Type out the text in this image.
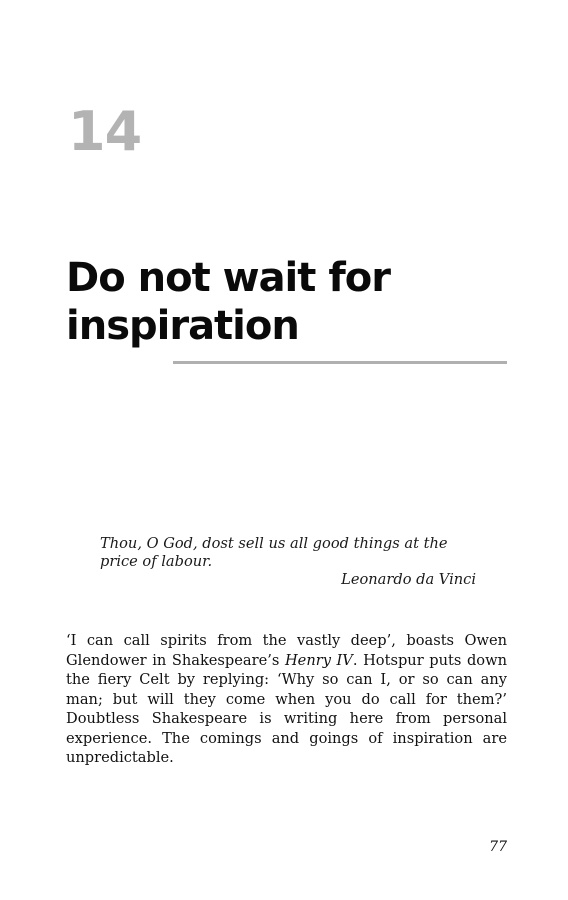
14
Do not wait for inspiration

Thou, O God, dost sell us all good things at the price of labour.

Leonardo da Vinci

‘I can call spirits from the vastly deep’, boasts Owen Glendower in Shakespeare’s Henry IV. Hotspur puts down the fiery Celt by replying: ‘Why so can I, or so can any man; but will they come when you do call for them?’ Doubtless Shakespeare is writing here from personal experience. The comings and goings of inspiration are unpredictable.

77
